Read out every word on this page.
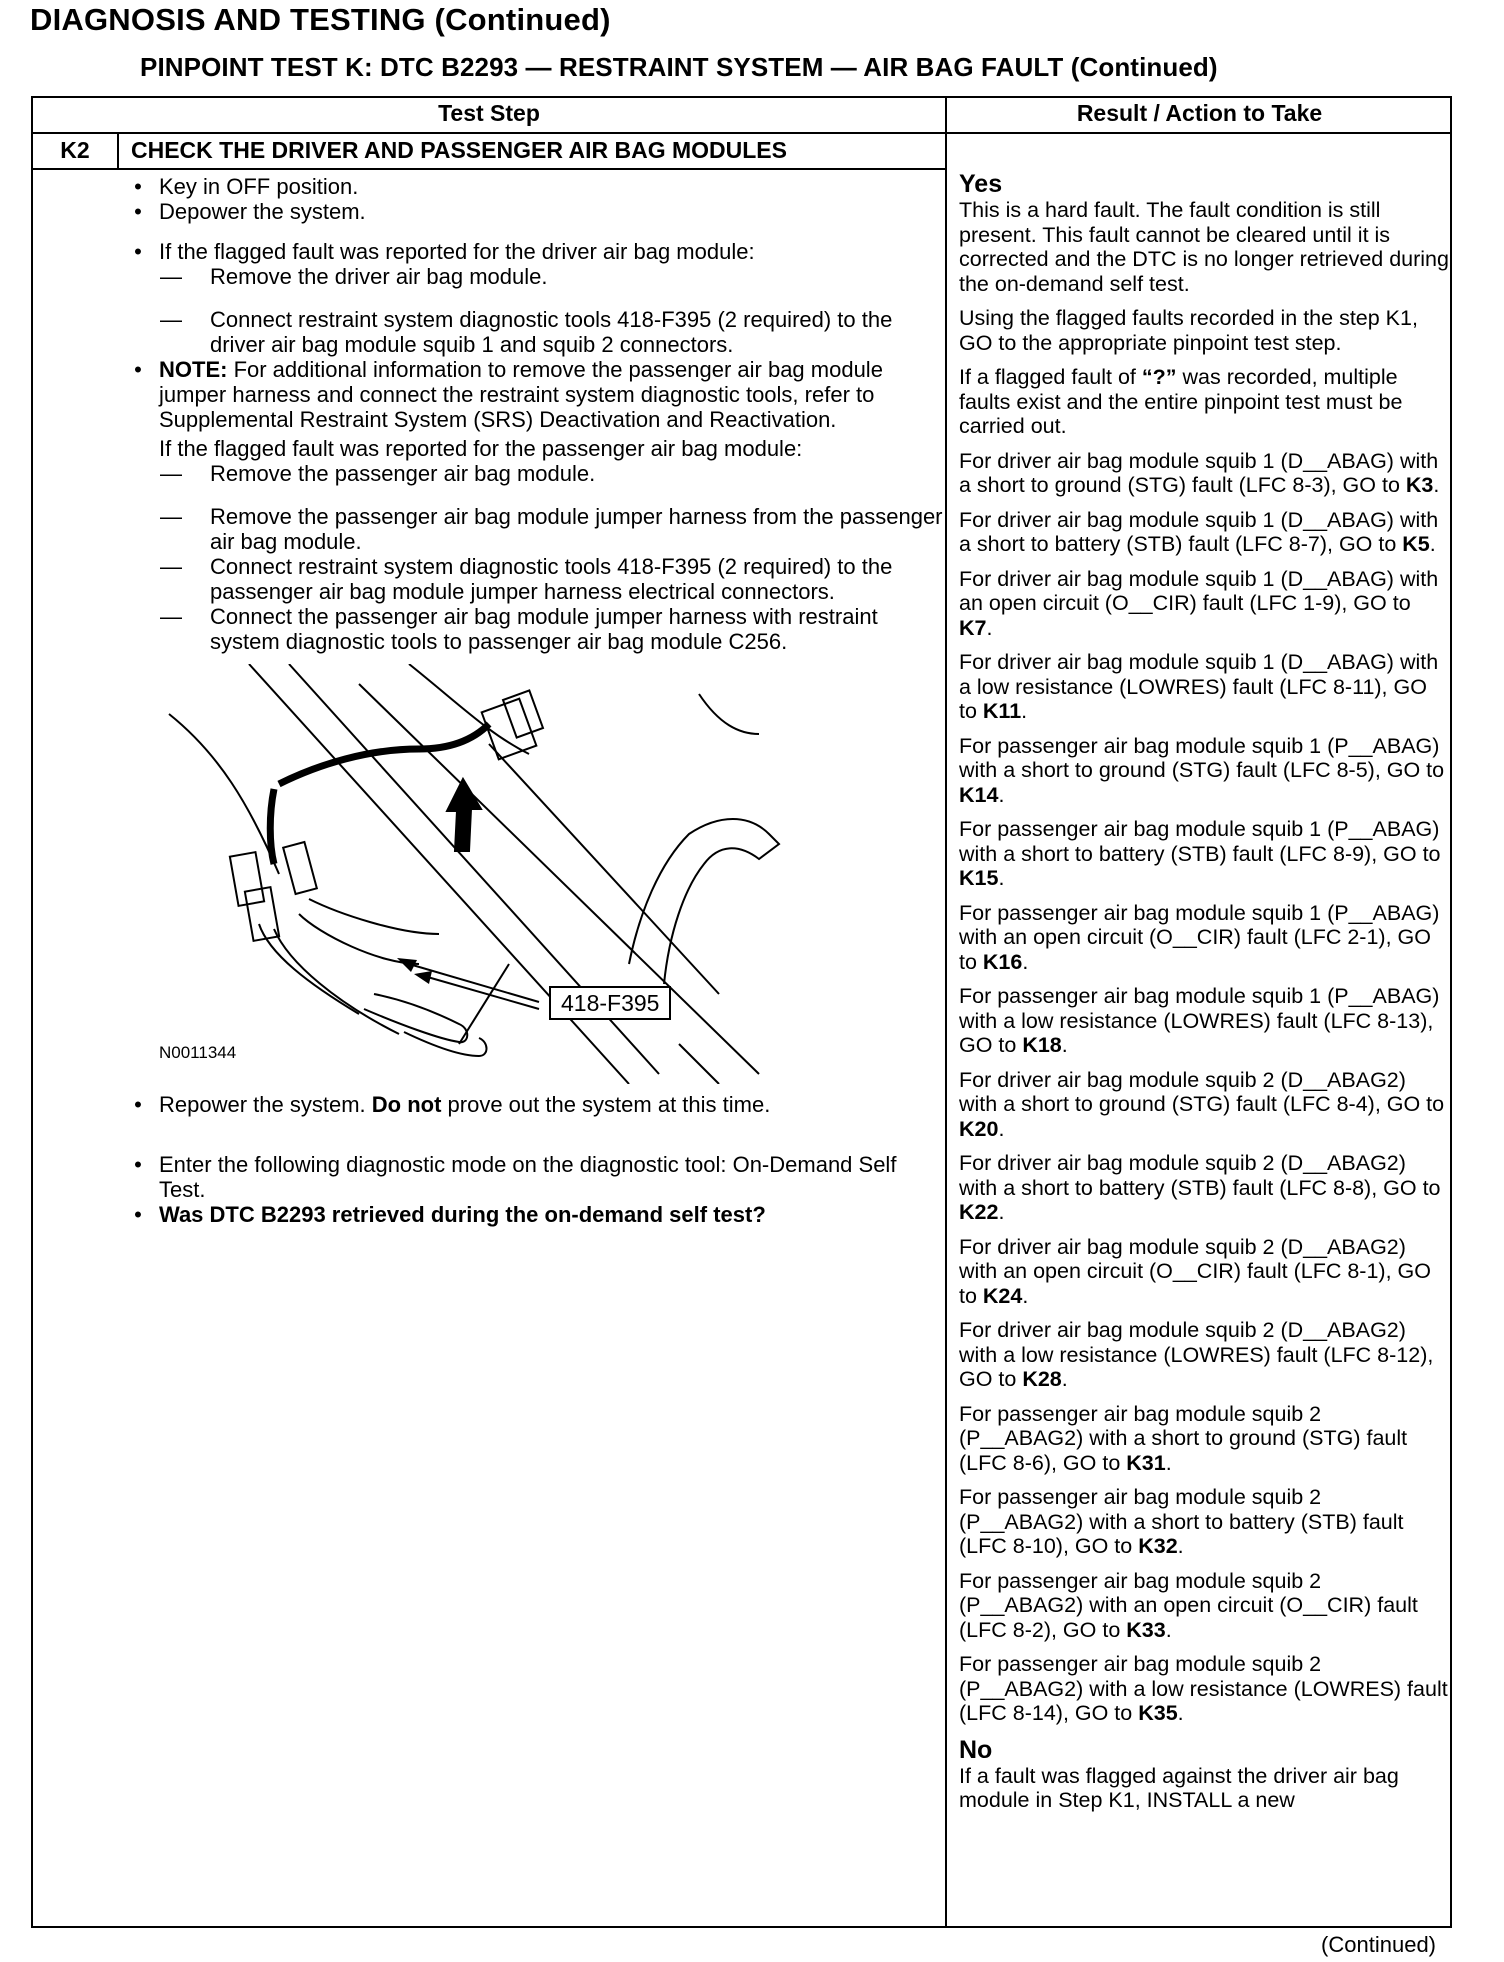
DIAGNOSIS AND TESTING (Continued)
PINPOINT TEST K: DTC B2293 — RESTRAINT SYSTEM — AIR BAG FAULT (Continued)
Test Step	Result / Action to Take
K2	CHECK THE DRIVER AND PASSENGER AIR BAG MODULES
• Key in OFF position.
• Depower the system.
• If the flagged fault was reported for the driver air bag module:
— Remove the driver air bag module.
— Connect restraint system diagnostic tools 418-F395 (2 required) to the driver air bag module squib 1 and squib 2 connectors.
• NOTE: For additional information to remove the passenger air bag module jumper harness and connect the restraint system diagnostic tools, refer to Supplemental Restraint System (SRS) Deactivation and Reactivation.
If the flagged fault was reported for the passenger air bag module:
— Remove the passenger air bag module.
— Remove the passenger air bag module jumper harness from the passenger air bag module.
— Connect restraint system diagnostic tools 418-F395 (2 required) to the passenger air bag module jumper harness electrical connectors.
— Connect the passenger air bag module jumper harness with restraint system diagnostic tools to passenger air bag module C256.
N0011344
418-F395
• Repower the system. Do not prove out the system at this time.
• Enter the following diagnostic mode on the diagnostic tool: On-Demand Self Test.
• Was DTC B2293 retrieved during the on-demand self test?
Yes
This is a hard fault. The fault condition is still present. This fault cannot be cleared until it is corrected and the DTC is no longer retrieved during the on-demand self test.
Using the flagged faults recorded in the step K1, GO to the appropriate pinpoint test step.
If a flagged fault of “?” was recorded, multiple faults exist and the entire pinpoint test must be carried out.
For driver air bag module squib 1 (D__ABAG) with a short to ground (STG) fault (LFC 8-3), GO to K3.
For driver air bag module squib 1 (D__ABAG) with a short to battery (STB) fault (LFC 8-7), GO to K5.
For driver air bag module squib 1 (D__ABAG) with an open circuit (O__CIR) fault (LFC 1-9), GO to K7.
For driver air bag module squib 1 (D__ABAG) with a low resistance (LOWRES) fault (LFC 8-11), GO to K11.
For passenger air bag module squib 1 (P__ABAG) with a short to ground (STG) fault (LFC 8-5), GO to K14.
For passenger air bag module squib 1 (P__ABAG) with a short to battery (STB) fault (LFC 8-9), GO to K15.
For passenger air bag module squib 1 (P__ABAG) with an open circuit (O__CIR) fault (LFC 2-1), GO to K16.
For passenger air bag module squib 1 (P__ABAG) with a low resistance (LOWRES) fault (LFC 8-13), GO to K18.
For driver air bag module squib 2 (D__ABAG2) with a short to ground (STG) fault (LFC 8-4), GO to K20.
For driver air bag module squib 2 (D__ABAG2) with a short to battery (STB) fault (LFC 8-8), GO to K22.
For driver air bag module squib 2 (D__ABAG2) with an open circuit (O__CIR) fault (LFC 8-1), GO to K24.
For driver air bag module squib 2 (D__ABAG2) with a low resistance (LOWRES) fault (LFC 8-12), GO to K28.
For passenger air bag module squib 2 (P__ABAG2) with a short to ground (STG) fault (LFC 8-6), GO to K31.
For passenger air bag module squib 2 (P__ABAG2) with a short to battery (STB) fault (LFC 8-10), GO to K32.
For passenger air bag module squib 2 (P__ABAG2) with an open circuit (O__CIR) fault (LFC 8-2), GO to K33.
For passenger air bag module squib 2 (P__ABAG2) with a low resistance (LOWRES) fault (LFC 8-14), GO to K35.
No
If a fault was flagged against the driver air bag module in Step K1, INSTALL a new
(Continued)
